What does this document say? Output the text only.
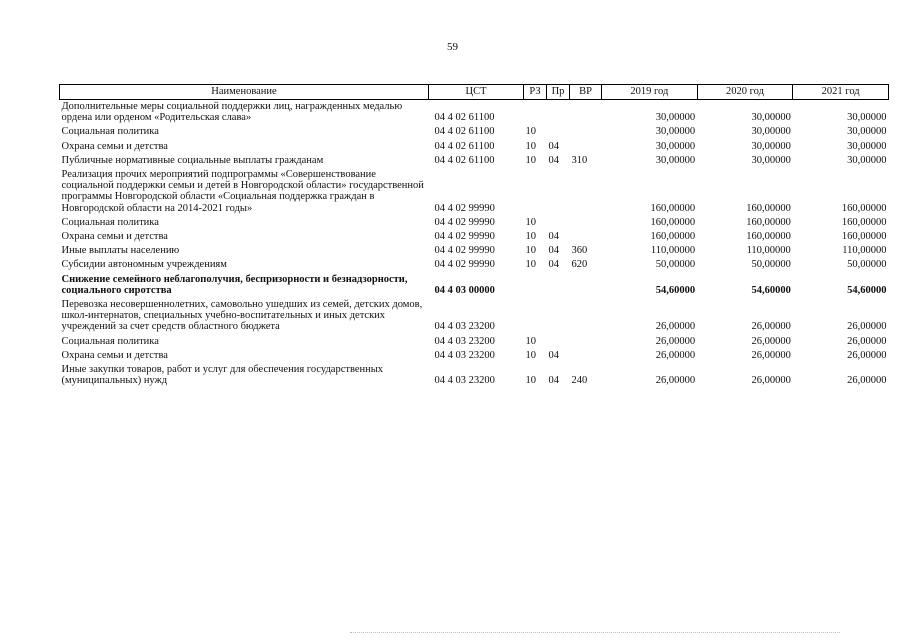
59
Наименование	ЦСТ	РЗ	Пр	ВР	2019 год	2020 год	2021 год
Дополнительные меры социальной поддержки лиц, награжденных медалью ордена или орденом «Родительская слава»	04 4 02 61100				30,00000	30,00000	30,00000
Социальная политика	04 4 02 61100	10			30,00000	30,00000	30,00000
Охрана семьи и детства	04 4 02 61100	10	04		30,00000	30,00000	30,00000
Публичные нормативные социальные выплаты гражданам	04 4 02 61100	10	04	310	30,00000	30,00000	30,00000
Реализация прочих мероприятий подпрограммы «Совершенствование социальной поддержки семьи и детей в Новгородской области» государственной программы Новгородской области «Социальная поддержка граждан в Новгородской области на 2014-2021 годы»	04 4 02 99990				160,00000	160,00000	160,00000
Социальная политика	04 4 02 99990	10			160,00000	160,00000	160,00000
Охрана семьи и детства	04 4 02 99990	10	04		160,00000	160,00000	160,00000
Иные выплаты населению	04 4 02 99990	10	04	360	110,00000	110,00000	110,00000
Субсидии автономным учреждениям	04 4 02 99990	10	04	620	50,00000	50,00000	50,00000
Снижение семейного неблагополучия, беспризорности и безнадзорности, социального сиротства	04 4 03 00000				54,60000	54,60000	54,60000
Перевозка несовершеннолетних, самовольно ушедших из семей, детских домов, школ-интернатов, специальных учебно-воспитательных и иных детских учреждений за счет средств областного бюджета	04 4 03 23200				26,00000	26,00000	26,00000
Социальная политика	04 4 03 23200	10			26,00000	26,00000	26,00000
Охрана семьи и детства	04 4 03 23200	10	04		26,00000	26,00000	26,00000
Иные закупки товаров, работ и услуг для обеспечения государственных (муниципальных) нужд	04 4 03 23200	10	04	240	26,00000	26,00000	26,00000
